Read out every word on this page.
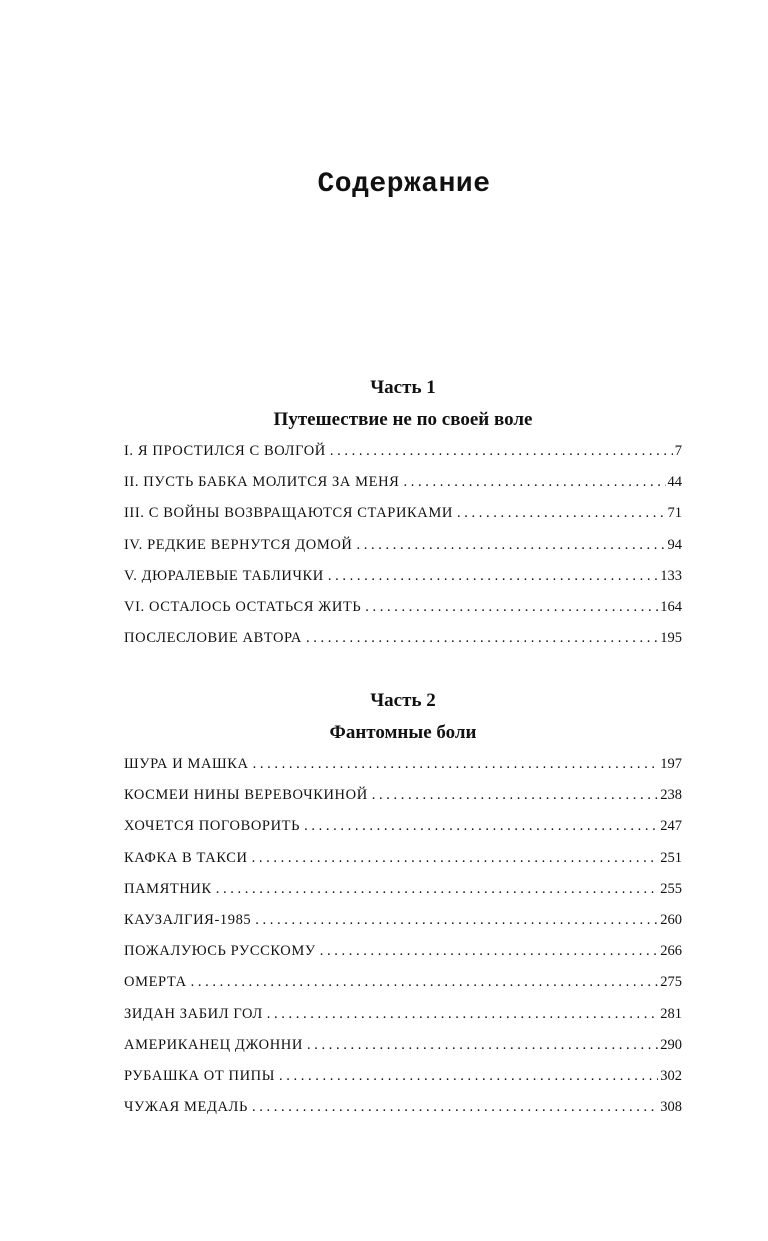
Содержание
Часть 1
Путешествие не по своей воле
I. Я ПРОСТИЛСЯ С ВОЛГОЙ . . .	7
II. ПУСТЬ БАБКА МОЛИТСЯ ЗА МЕНЯ . . .	44
III. С ВОЙНЫ ВОЗВРАЩАЮТСЯ СТАРИКАМИ . . .	71
IV. РЕДКИЕ ВЕРНУТСЯ ДОМОЙ . . .	94
V. ДЮРАЛЕВЫЕ ТАБЛИЧКИ . . .	133
VI. ОСТАЛОСЬ ОСТАТЬСЯ ЖИТЬ . . .	164
ПОСЛЕСЛОВИЕ АВТОРА . . .	195
Часть 2
Фантомные боли
ШУРА И МАШКА . . .	197
КОСМЕИ НИНЫ ВЕРЕВОЧКИНОЙ . . .	238
ХОЧЕТСЯ ПОГОВОРИТЬ . . .	247
КАФКА В ТАКСИ . . .	251
ПАМЯТНИК . . .	255
КАУЗАЛГИЯ-1985 . . .	260
ПОЖАЛУЮСЬ РУССКОМУ . . .	266
ОМЕРТА . . .	275
ЗИДАН ЗАБИЛ ГОЛ . . .	281
АМЕРИКАНЕЦ ДЖОННИ . . .	290
РУБАШКА ОТ ПИПЫ . . .	302
ЧУЖАЯ МЕДАЛЬ . . .	308
